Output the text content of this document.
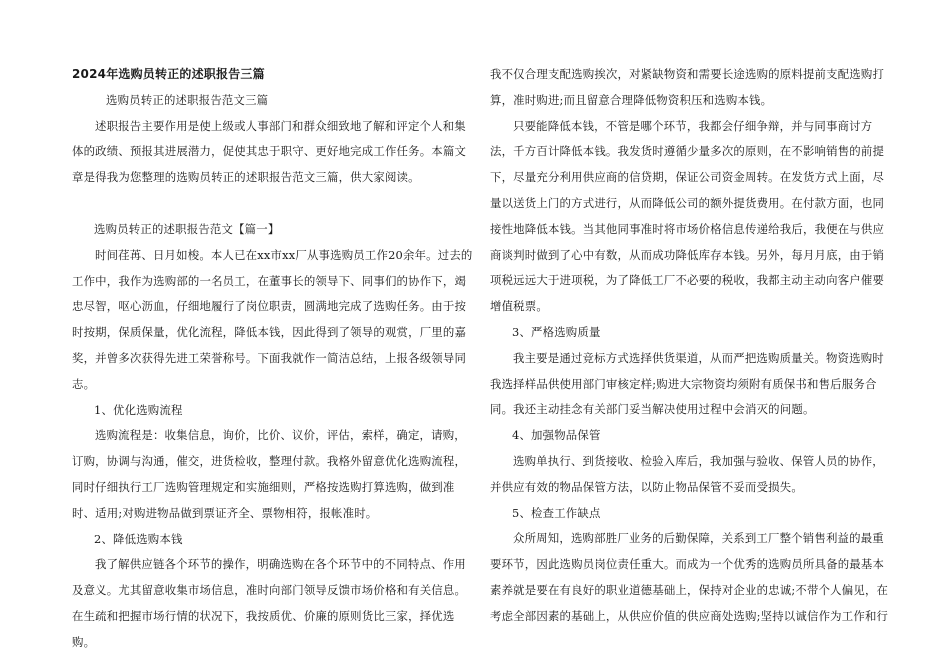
2024年选购员转正的述职报告三篇

选购员转正的述职报告范文三篇

述职报告主要作用是使上级或人事部门和群众细致地了解和评定个人和集体的政绩、预报其进展潜力，促使其忠于职守、更好地完成工作任务。本篇文章是得我为您整理的选购员转正的述职报告范文三篇，供大家阅读。

选购员转正的述职报告范文【篇一】

时间荏苒、日月如梭。本人已在xx市xx厂从事选购员工作20余年。过去的工作中，我作为选购部的一名员工，在董事长的领导下、同事们的协作下，竭忠尽智，呕心沥血，仔细地履行了岗位职责，圆满地完成了选购任务。由于按时按期，保质保量，优化流程，降低本钱，因此得到了领导的观赏，厂里的嘉奖，并曾多次获得先进工荣誉称号。下面我就作一简洁总结，上报各级领导同志。

1、优化选购流程

选购流程是：收集信息，询价，比价、议价，评估，索样，确定，请购，订购，协调与沟通，催交，进货检收，整理付款。我格外留意优化选购流程，同时仔细执行工厂选购管理规定和实施细则，严格按选购打算选购，做到准时、适用;对购进物品做到票证齐全、票物相符，报帐准时。

2、降低选购本钱

我了解供应链各个环节的操作，明确选购在各个环节中的不同特点、作用及意义。尤其留意收集市场信息，准时向部门领导反馈市场价格和有关信息。在生疏和把握市场行情的状况下，我按质优、价廉的原则货比三家，择优选购。

我不仅合理支配选购挨次，对紧缺物资和需要长途选购的原料提前支配选购打算，准时购进;而且留意合理降低物资积压和选购本钱。

只要能降低本钱，不管是哪个环节，我都会仔细争辩，并与同事商讨方法，千方百计降低本钱。我发货时遵循少量多次的原则，在不影响销售的前提下，尽量充分利用供应商的信贷期，保证公司资金周转。在发货方式上面，尽量以送货上门的方式进行，从而降低公司的额外提货费用。在付款方面，也同接性地降低本钱。当其他同事准时将市场价格信息传递给我后，我便在与供应商谈判时做到了心中有数，从而成功降低库存本钱。另外，每月月底，由于销项税远远大于进项税，为了降低工厂不必要的税收，我都主动主动向客户催要增值税票。

3、严格选购质量

我主要是通过竞标方式选择供货渠道，从而严把选购质量关。物资选购时我选择样品供使用部门审核定样;购进大宗物资均须附有质保书和售后服务合同。我还主动挂念有关部门妥当解决使用过程中会消灭的问题。

4、加强物品保管

选购单执行、到货接收、检验入库后，我加强与验收、保管人员的协作，并供应有效的物品保管方法，以防止物品保管不妥而受损失。

5、检查工作缺点

众所周知，选购部胜厂业务的后勤保障，关系到工厂整个销售利益的最重要环节，因此选购员岗位责任重大。而成为一个优秀的选购员所具备的最基本素养就是要在有良好的职业道德基础上，保持对企业的忠诚;不带个人偏见，在考虑全部因素的基础上，从供应价值的供应商处选购;坚持以诚信作为工作和行
